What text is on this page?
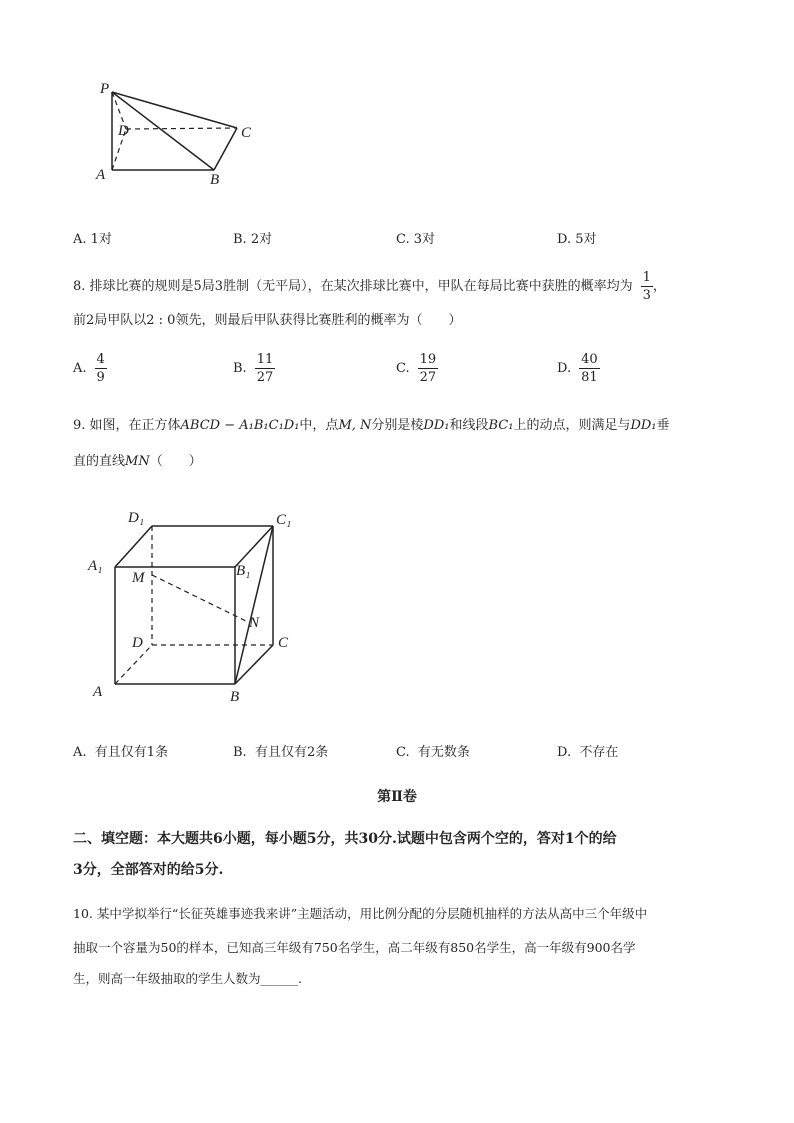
P
D	C
A	B
A. 1对	B. 2对	C. 3对	D. 5对
8. 排球比赛的规则是5局3胜制（无平局），在某次排球比赛中，甲队在每局比赛中获胜的概率均为 $\frac{1}{3}$ ，
前2局甲队以2 : 0领先，则最后甲队获得比赛胜利的概率为（　　）
A. $\frac{4}{9}$	B. $\frac{11}{27}$	C. $\frac{19}{27}$	D. $\frac{40}{81}$
9. 如图，在正方体ABCD − A₁B₁C₁D₁中，点M, N分别是棱DD₁和线段BC₁上的动点，则满足与DD₁垂
直的直线MN（　　）
D₁	C₁
A₁	B₁
M
N
D	C
A	B
A. 有且仅有1条	B. 有且仅有2条	C. 有无数条	D. 不存在
第Ⅱ卷
二、填空题：本大题共6小题，每小题5分，共30分.试题中包含两个空的，答对1个的给
3分，全部答对的给5分.
10. 某中学拟举行“长征英雄事迹我来讲”主题活动，用比例分配的分层随机抽样的方法从高中三个年级中
抽取一个容量为50的样本，已知高三年级有750名学生，高二年级有850名学生，高一年级有900名学
生，则高一年级抽取的学生人数为______.
